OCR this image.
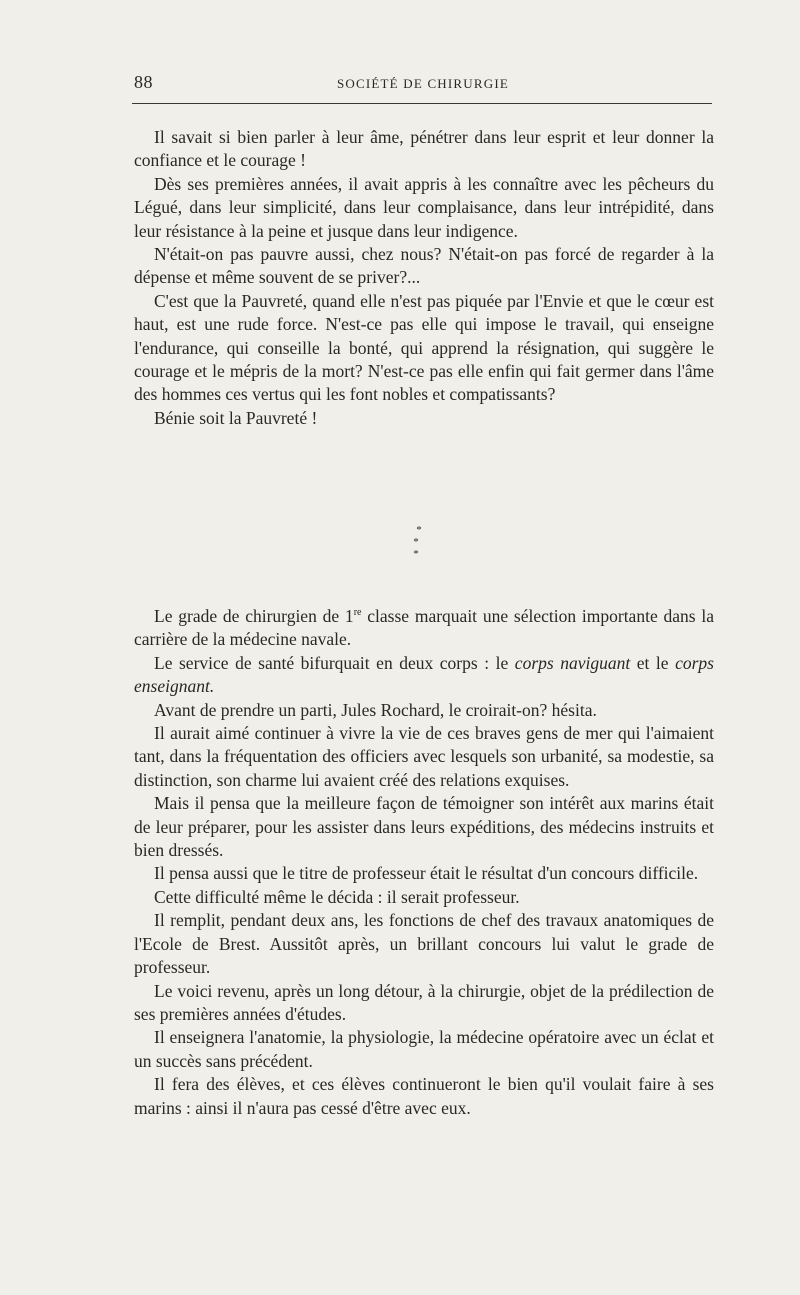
88	SOCIÉTÉ DE CHIRURGIE

Il savait si bien parler à leur âme, pénétrer dans leur esprit et leur donner la confiance et le courage !

Dès ses premières années, il avait appris à les connaître avec les pêcheurs du Légué, dans leur simplicité, dans leur complaisance, dans leur intrépidité, dans leur résistance à la peine et jusque dans leur indigence.

N'était-on pas pauvre aussi, chez nous? N'était-on pas forcé de regarder à la dépense et même souvent de se priver?...

C'est que la Pauvreté, quand elle n'est pas piquée par l'Envie et que le cœur est haut, est une rude force. N'est-ce pas elle qui impose le travail, qui enseigne l'endurance, qui conseille la bonté, qui apprend la résignation, qui suggère le courage et le mépris de la mort? N'est-ce pas elle enfin qui fait germer dans l'âme des hommes ces vertus qui les font nobles et compatissants?

Bénie soit la Pauvreté !

*
* *

Le grade de chirurgien de 1re classe marquait une sélection importante dans la carrière de la médecine navale.

Le service de santé bifurquait en deux corps : le corps naviguant et le corps enseignant.

Avant de prendre un parti, Jules Rochard, le croirait-on? hésita.

Il aurait aimé continuer à vivre la vie de ces braves gens de mer qui l'aimaient tant, dans la fréquentation des officiers avec lesquels son urbanité, sa modestie, sa distinction, son charme lui avaient créé des relations exquises.

Mais il pensa que la meilleure façon de témoigner son intérêt aux marins était de leur préparer, pour les assister dans leurs expéditions, des médecins instruits et bien dressés.

Il pensa aussi que le titre de professeur était le résultat d'un concours difficile.

Cette difficulté même le décida : il serait professeur.

Il remplit, pendant deux ans, les fonctions de chef des travaux anatomiques de l'Ecole de Brest. Aussitôt après, un brillant concours lui valut le grade de professeur.

Le voici revenu, après un long détour, à la chirurgie, objet de la prédilection de ses premières années d'études.

Il enseignera l'anatomie, la physiologie, la médecine opératoire avec un éclat et un succès sans précédent.

Il fera des élèves, et ces élèves continueront le bien qu'il voulait faire à ses marins : ainsi il n'aura pas cessé d'être avec eux.
